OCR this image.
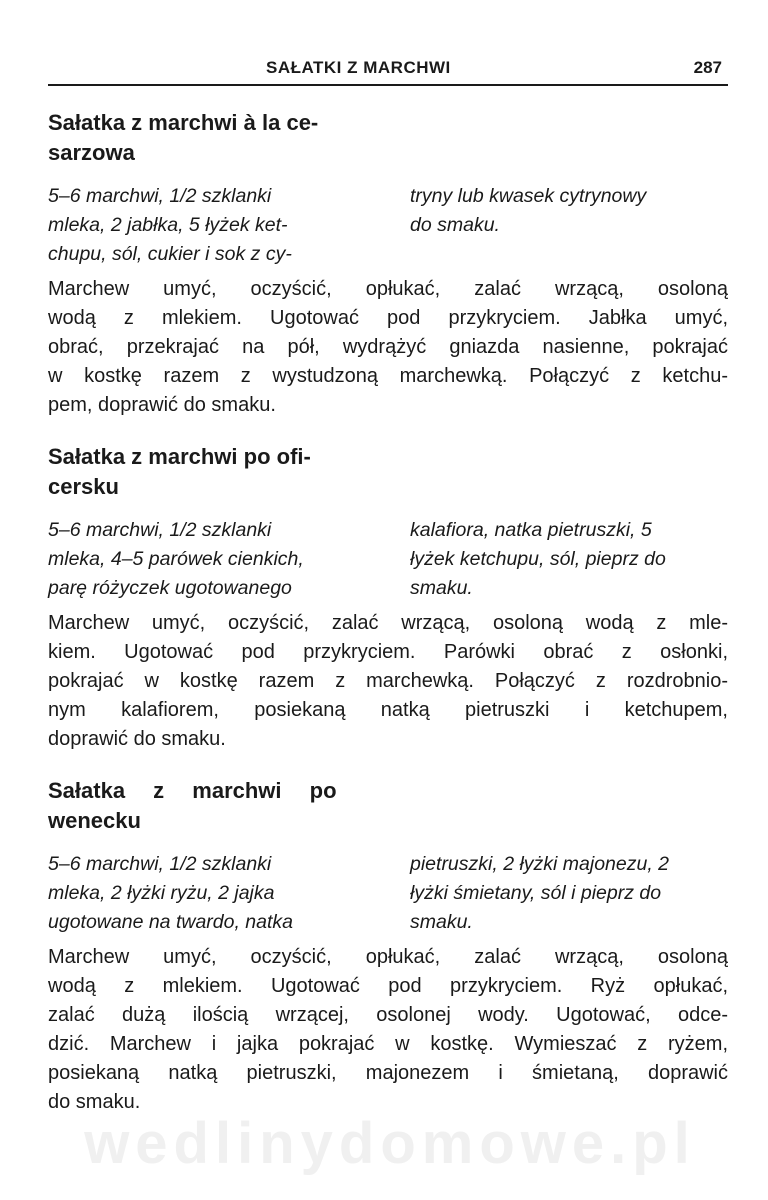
SAŁATKI Z MARCHWI	287
Sałatka z marchwi à la ce-
sarzowa
5–6 marchwi, 1/2 szklanki
mleka, 2 jabłka, 5 łyżek ket-
chupu, sól, cukier i sok z cy-
tryny lub kwasek cytrynowy
do smaku.
Marchew umyć, oczyścić, opłukać, zalać wrzącą, osoloną
wodą z mlekiem. Ugotować pod przykryciem. Jabłka umyć,
obrać, przekrajać na pół, wydrążyć gniazda nasienne, pokrajać
w kostkę razem z wystudzoną marchewką. Połączyć z ketchu-
pem, doprawić do smaku.
Sałatka z marchwi po ofi-
cersku
5–6 marchwi, 1/2 szklanki
mleka, 4–5 parówek cienkich,
parę różyczek ugotowanego
kalafiora, natka pietruszki, 5
łyżek ketchupu, sól, pieprz do
smaku.
Marchew umyć, oczyścić, zalać wrzącą, osoloną wodą z mle-
kiem. Ugotować pod przykryciem. Parówki obrać z osłonki,
pokrajać w kostkę razem z marchewką. Połączyć z rozdrobnio-
nym kalafiorem, posiekaną natką pietruszki i ketchupem,
doprawić do smaku.
Sałatka z marchwi po
wenecku
5–6 marchwi, 1/2 szklanki
mleka, 2 łyżki ryżu, 2 jajka
ugotowane na twardo, natka
pietruszki, 2 łyżki majonezu, 2
łyżki śmietany, sól i pieprz do
smaku.
Marchew umyć, oczyścić, opłukać, zalać wrzącą, osoloną
wodą z mlekiem. Ugotować pod przykryciem. Ryż opłukać,
zalać dużą ilością wrzącej, osolonej wody. Ugotować, odce-
dzić. Marchew i jajka pokrajać w kostkę. Wymieszać z ryżem,
posiekaną natką pietruszki, majonezem i śmietaną, doprawić
do smaku.
wedlinydomowe.pl
